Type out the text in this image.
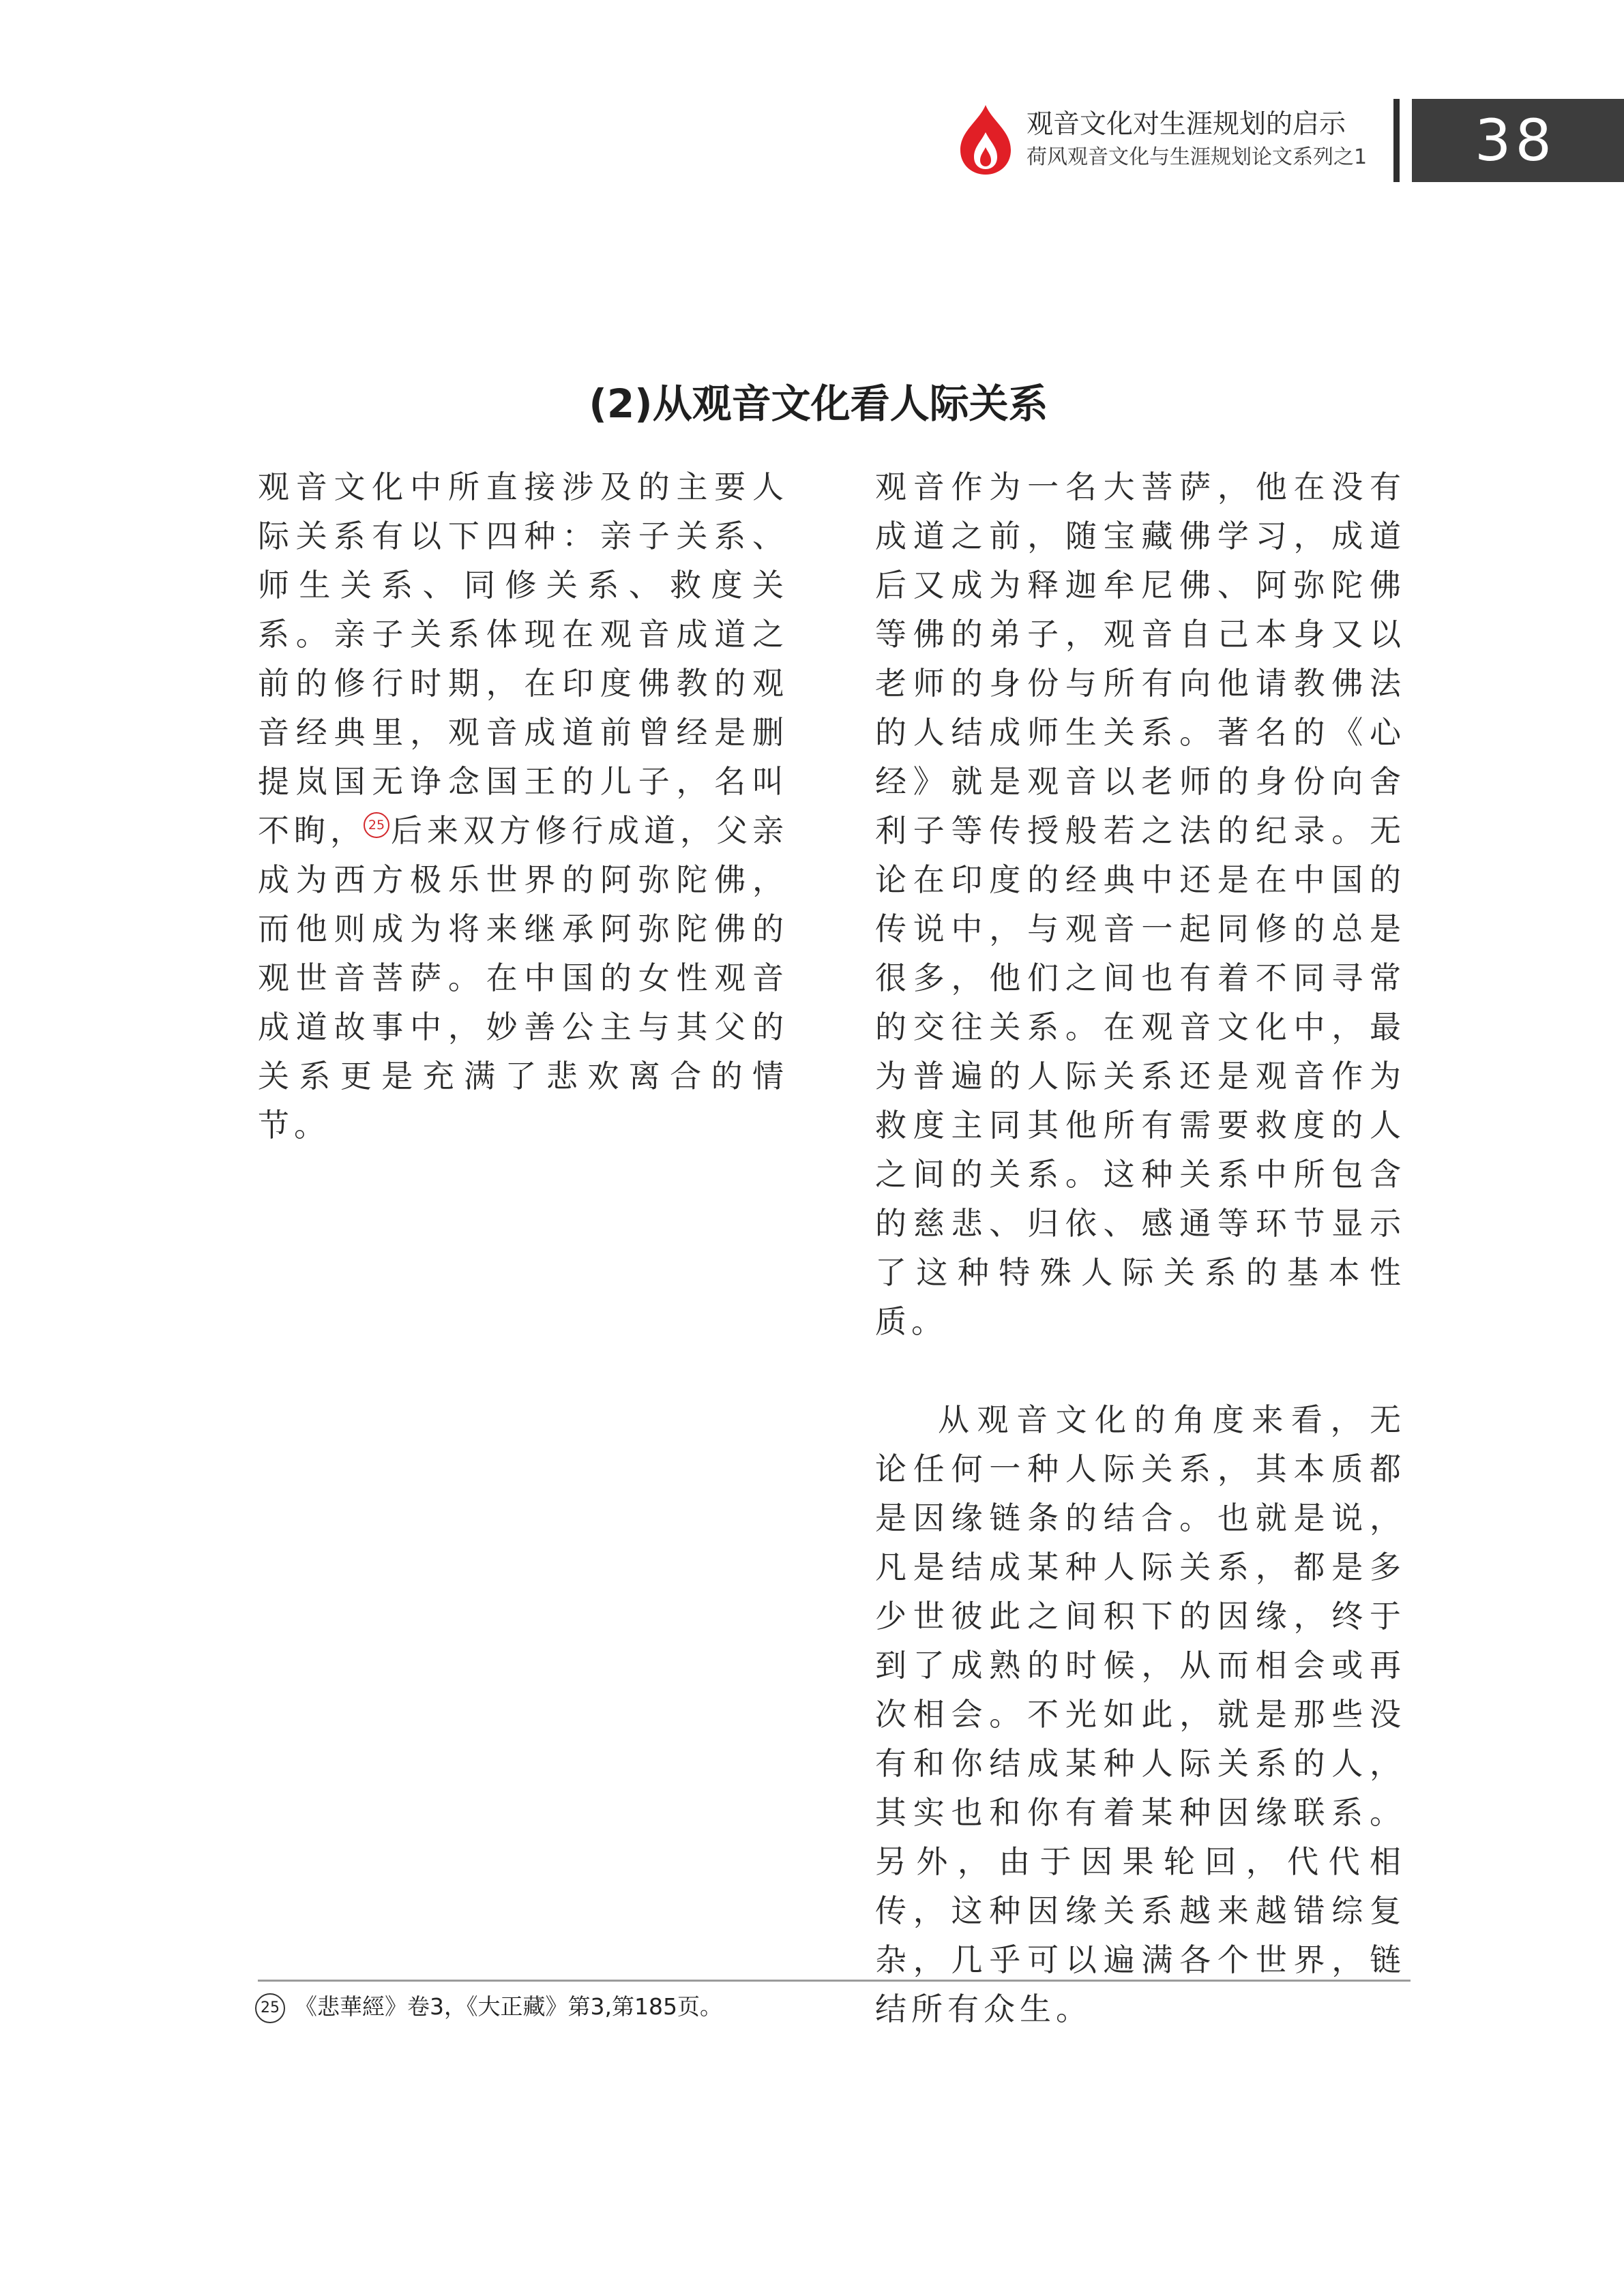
观音文化对生涯规划的启示
荷风观音文化与生涯规划论文系列之1	38
(2)从观音文化看人际关系

观音文化中所直接涉及的主要人际关系有以下四种：亲子关系、师生关系、同修关系、救度关系。亲子关系体现在观音成道之前的修行时期，在印度佛教的观音经典里，观音成道前曾经是删提岚国无诤念国王的儿子，名叫不眴， 25 后来双方修行成道，父亲成为西方极乐世界的阿弥陀佛，而他则成为将来继承阿弥陀佛的观世音菩萨。在中国的女性观音成道故事中，妙善公主与其父的关系更是充满了悲欢离合的情节。

观音作为一名大菩萨，他在没有成道之前，随宝藏佛学习，成道后又成为释迦牟尼佛、阿弥陀佛等佛的弟子，观音自己本身又以老师的身份与所有向他请教佛法的人结成师生关系。著名的《心经》就是观音以老师的身份向舍利子等传授般若之法的纪录。无论在印度的经典中还是在中国的传说中，与观音一起同修的总是很多，他们之间也有着不同寻常的交往关系。在观音文化中，最为普遍的人际关系还是观音作为救度主同其他所有需要救度的人之间的关系。这种关系中所包含的慈悲、归依、感通等环节显示了这种特殊人际关系的基本性质。

从观音文化的角度来看，无论任何一种人际关系，其本质都是因缘链条的结合。也就是说，凡是结成某种人际关系，都是多少世彼此之间积下的因缘，终于到了成熟的时候，从而相会或再次相会。不光如此，就是那些没有和你结成某种人际关系的人，其实也和你有着某种因缘联系。另外，由于因果轮回，代代相传，这种因缘关系越来越错综复杂，几乎可以遍满各个世界，链结所有众生。

25 《悲華經》卷3，《大正藏》第3,第185页。
